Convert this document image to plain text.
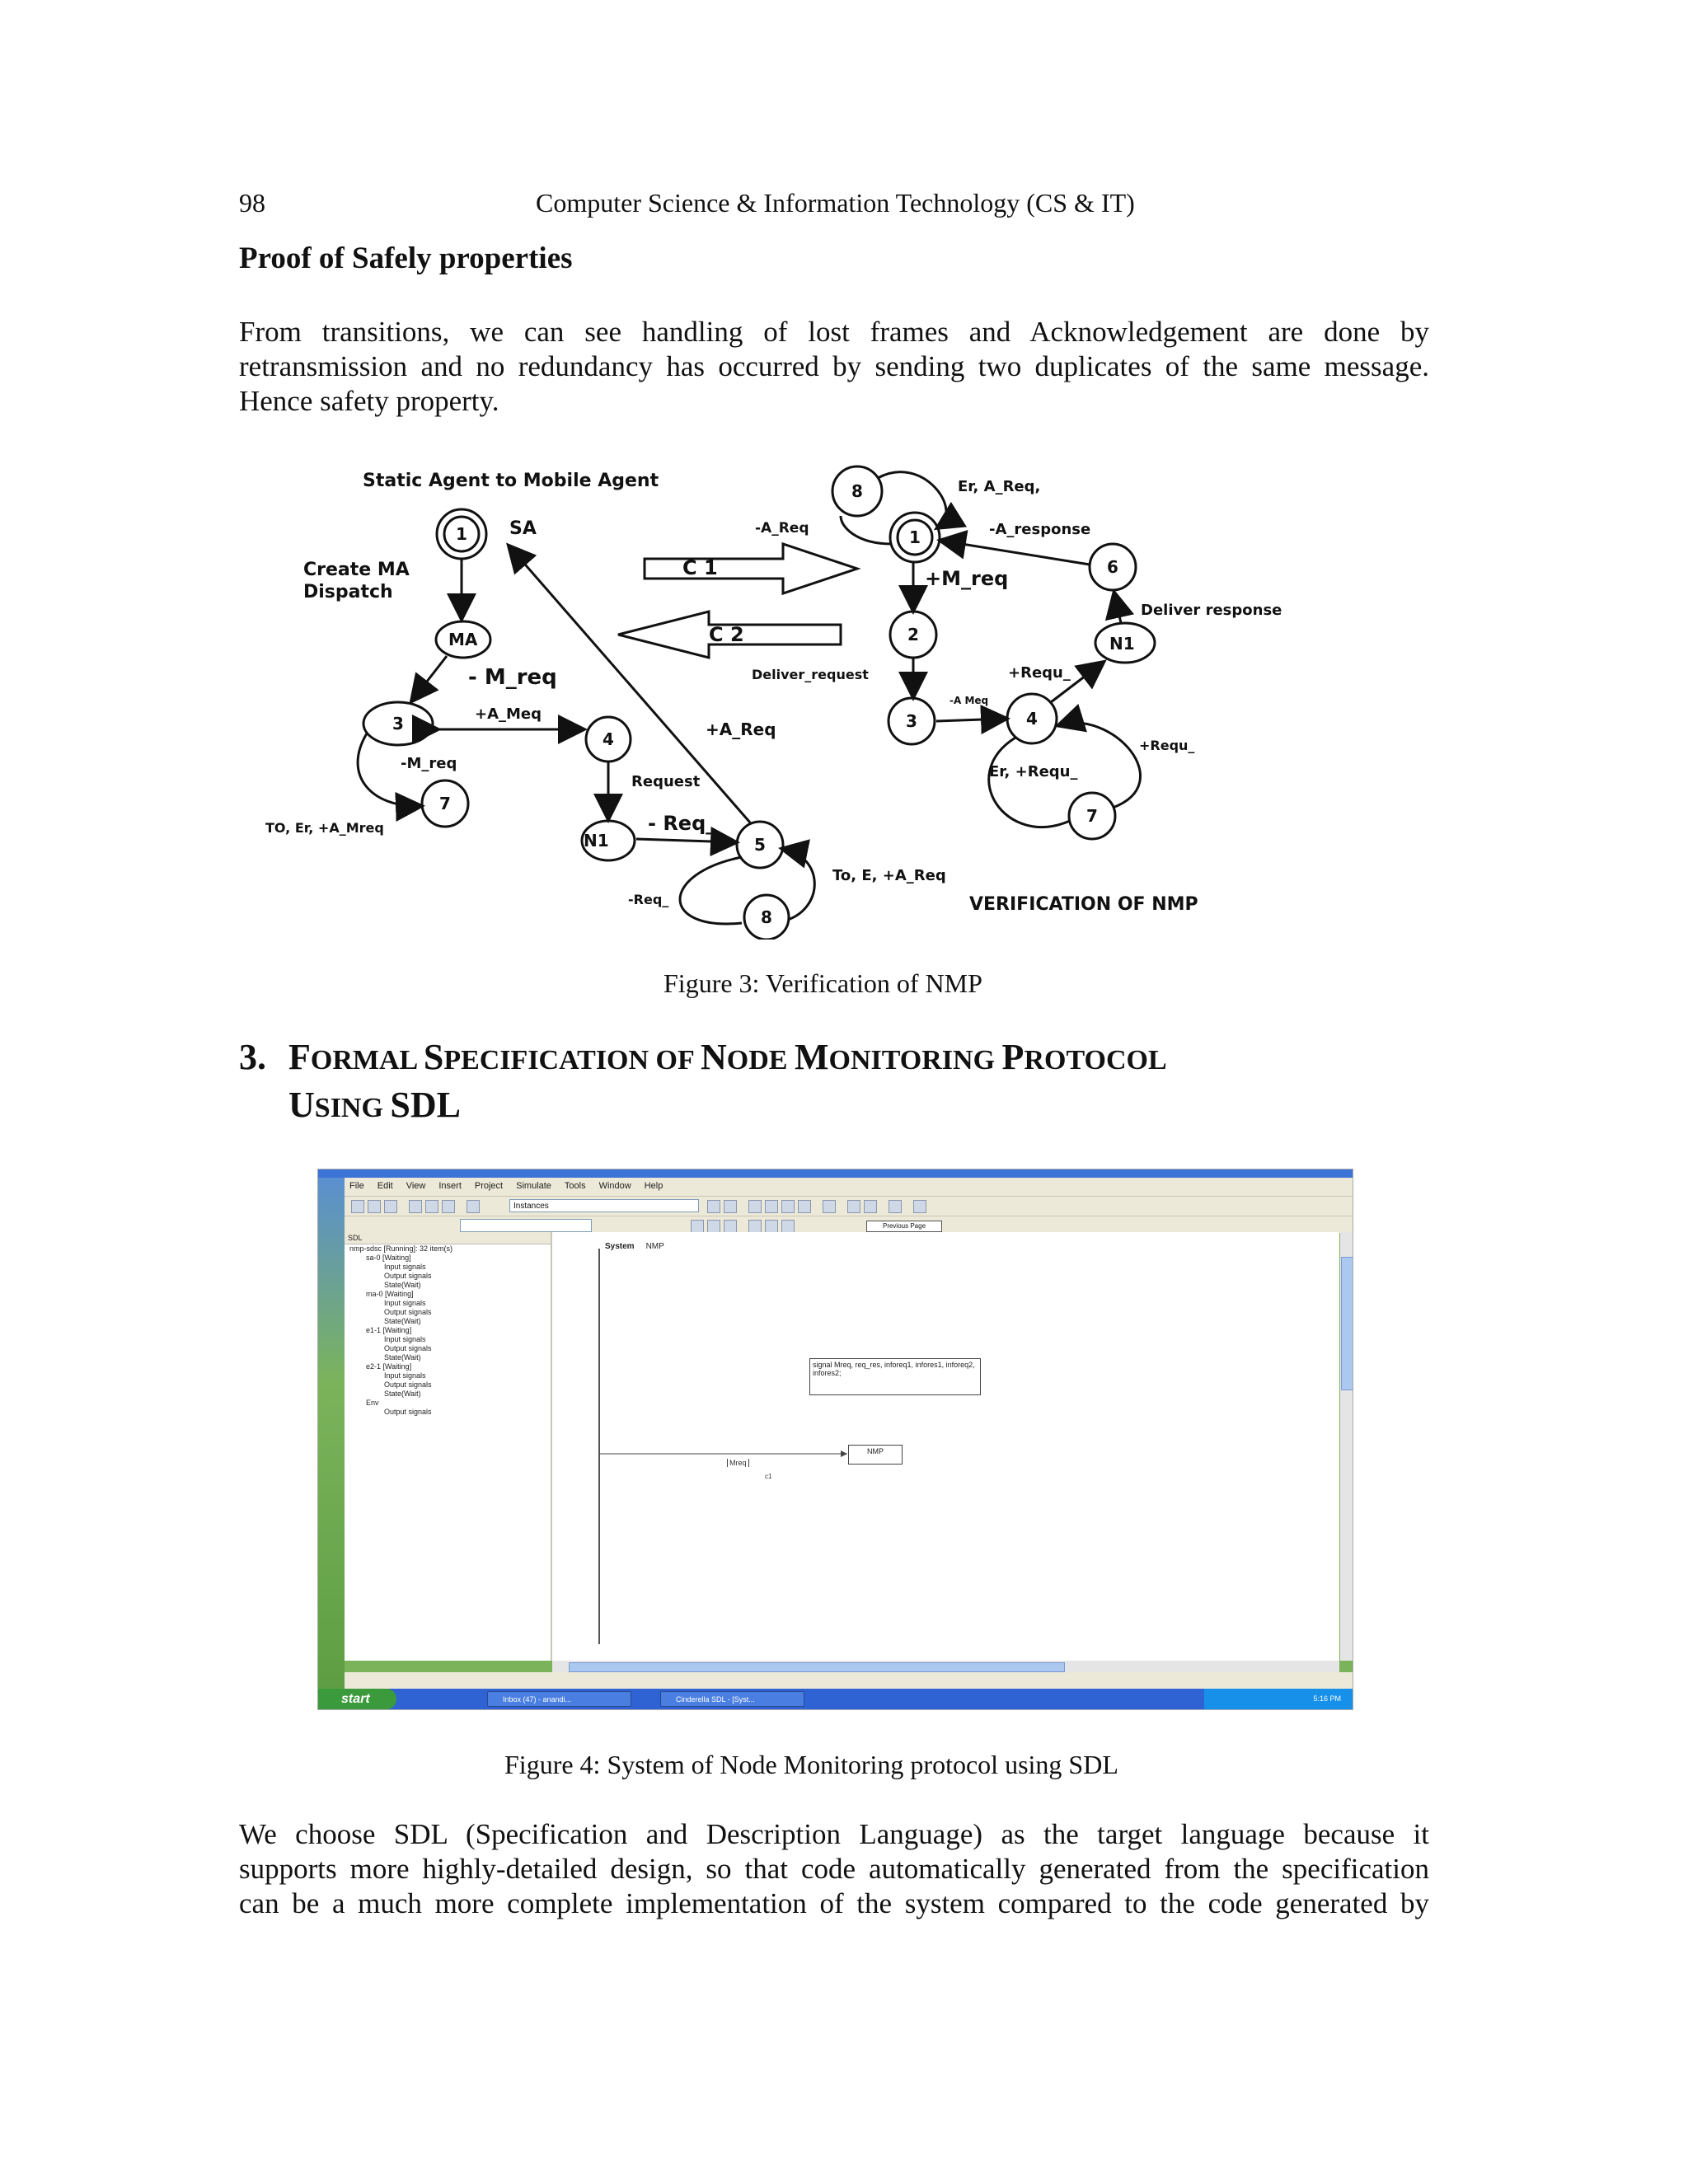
98	Computer Science & Information Technology (CS & IT)
Proof of Safely properties
From transitions, we can see handling of lost frames and Acknowledgement are done by
retransmission and no redundancy has occurred by sending two duplicates of the same message.
Hence safety property.
Static Agent to Mobile Agent
SA
Create MA
Dispatch
MA
- M_req
+A_Meq
-M_req
TO, Er, +A_Mreq
Request
- Req_
+A_Req
-Req_
To, E, +A_Req
C 1
C 2
N1
N1
Er, A_Req,
-A_Req	-A_response
+M_req
Deliver response
Deliver_request	+Requ_
-A Meq
+Requ_
Er, +Requ_
VERIFICATION OF NMP
1
3
7
4
5
8
8
1
6
2
3	4
7
Figure 3: Verification of NMP
3. FORMAL SPECIFICATION OF NODE MONITORING PROTOCOL
USING SDL
File Edit View Insert Project Simulate Tools Window Help
Instances
Previous Page
SDL
nmp-sdsc [Running]: 32 item(s)
sa-0 [Waiting]
Input signals
Output signals
State(Wait)
ma-0 [Waiting]
Input signals
Output signals
State(Wait)
e1-1 [Waiting]
Input signals
Output signals
State(Wait)
e2-1 [Waiting]
Input signals
Output signals
State(Wait)
Env
Output signals
System NMP
signal Mreq, req_res, inforeq1, infores1, inforeq2, infores2;
NMP
Mreq
c1
start	Inbox (47) - anandi...	Cinderella SDL - [Syst...	5:16 PM
Figure 4: System of Node Monitoring protocol using SDL
We choose SDL (Specification and Description Language) as the target language because it
supports more highly-detailed design, so that code automatically generated from the specification
can be a much more complete implementation of the system compared to the code generated by
